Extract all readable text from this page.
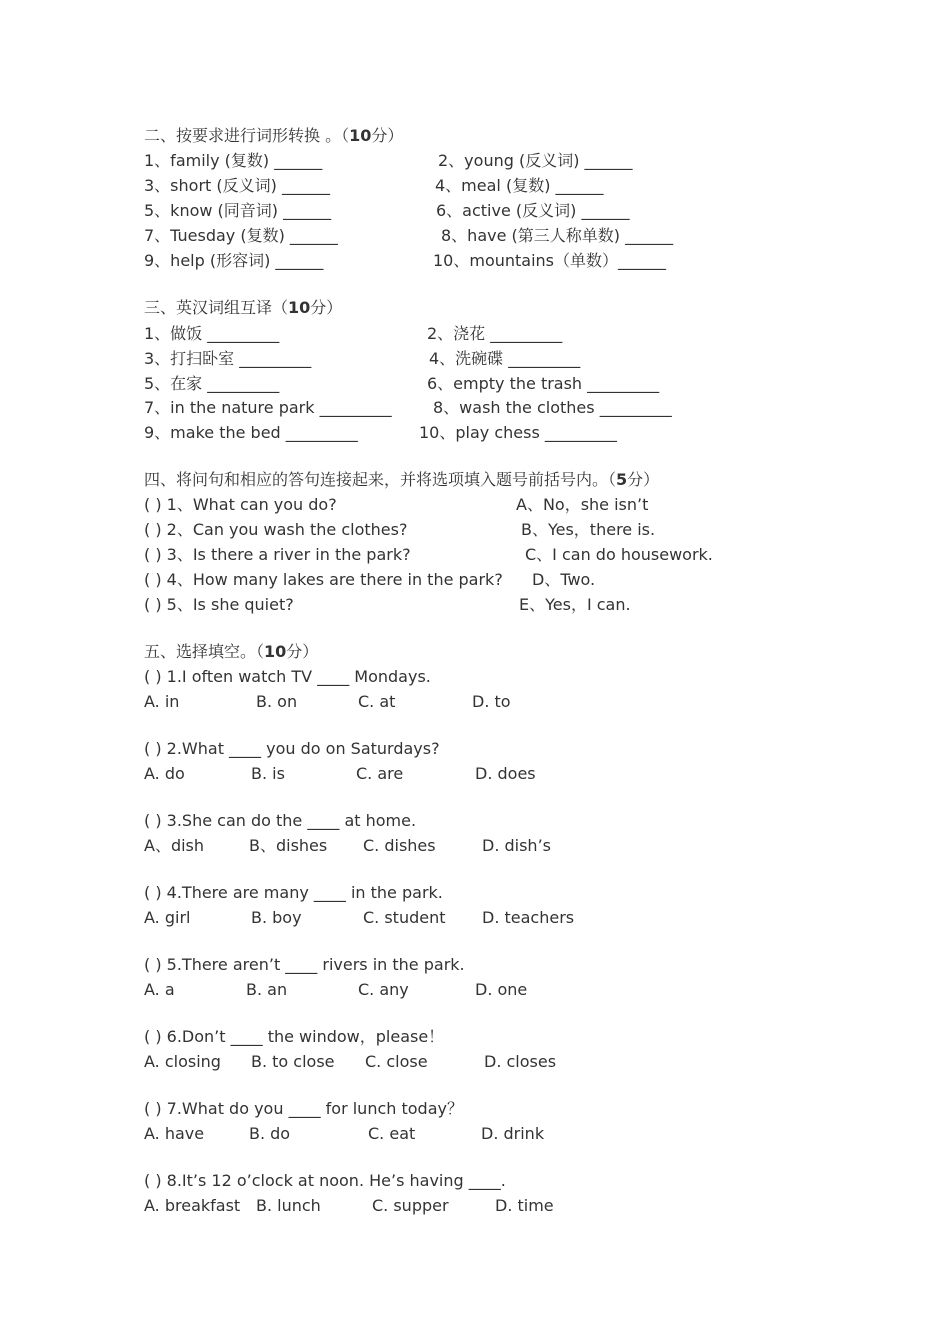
二、按要求进行词形转换 。（10分）
1、family (复数) ______	2、young (反义词) ______
3、short (反义词) ______	4、meal (复数) ______
5、know (同音词) ______	6、active (反义词) ______
7、Tuesday (复数) ______	8、have (第三人称单数) ______
9、help (形容词) ______	10、mountains（单数）______
三、英汉词组互译（10分）
1、做饭 _________	2、浇花 _________
3、打扫卧室 _________	4、洗碗碟 _________
5、在家 _________	6、empty the trash _________
7、in the nature park _________	8、wash the clothes _________
9、make the bed _________	10、play chess _________
四、将问句和相应的答句连接起来，并将选项填入题号前括号内。（5分）
( ) 1、What can you do?	A、No，she isn’t
( ) 2、Can you wash the clothes?	B、Yes，there is.
( ) 3、Is there a river in the park?	C、I can do housework.
( ) 4、How many lakes are there in the park? D、Two.
( ) 5、Is she quiet?	E、Yes，I can.
五、选择填空。（10分）
( ) 1.I often watch TV ____ Mondays.
A. in	B. on	C. at	D. to
( ) 2.What ____ you do on Saturdays?
A. do	B. is	C. are	D. does
( ) 3.She can do the ____ at home.
A、dish	B、dishes C. dishes	D. dish’s
( ) 4.There are many ____ in the park.
A. girl	B. boy	C. student D. teachers
( ) 5.There aren’t ____ rivers in the park.
A. a	B. an	C. any	D. one
( ) 6.Don’t ____ the window，please！
A. closing B. to close C. close	D. closes
( ) 7.What do you ____ for lunch today？
A. have	B. do	C. eat	D. drink
( ) 8.It’s 12 o’clock at noon. He’s having ____.
A. breakfast B. lunch	C. supper	D. time
